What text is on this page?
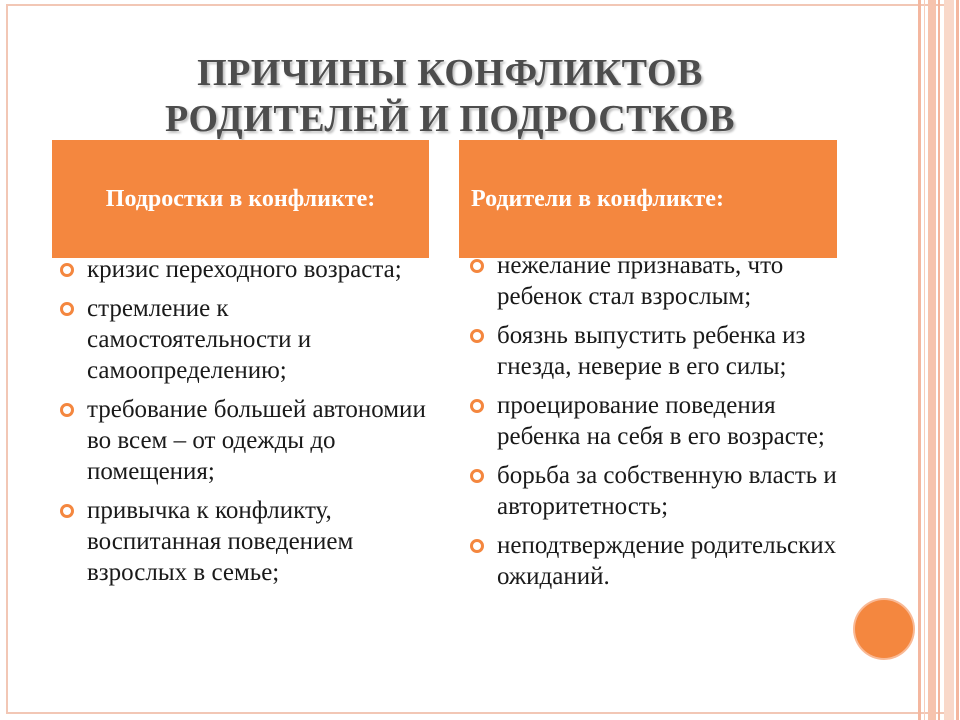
ПРИЧИНЫ КОНФЛИКТОВ
РОДИТЕЛЕЙ И ПОДРОСТКОВ
Подростки в конфликте:	Родители в конфликте:
кризис переходного возраста;
стремление к самостоятельности и самоопределению;
требование большей автономии во всем – от одежды до помещения;
привычка к конфликту, воспитанная поведением взрослых в семье;
нежелание признавать, что ребенок стал взрослым;
боязнь выпустить ребенка из гнезда, неверие в его силы;
проецирование поведения ребенка на себя в его возрасте;
борьба за собственную власть и авторитетность;
неподтверждение родительских ожиданий.
